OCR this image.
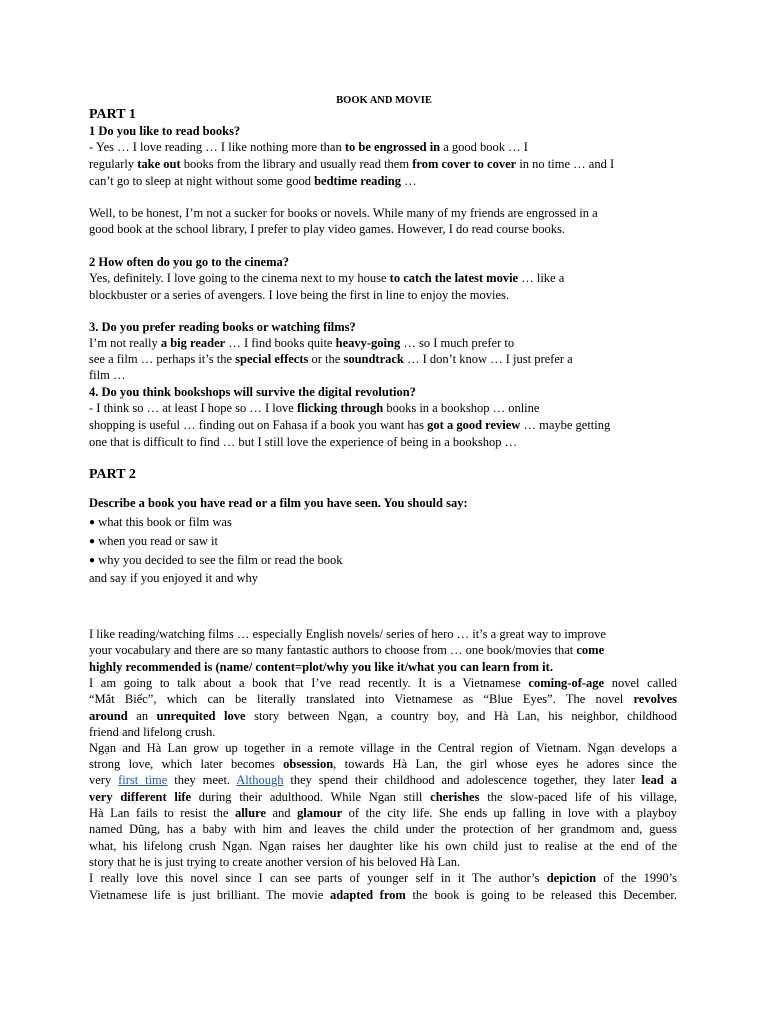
BOOK AND MOVIE
PART 1

1 Do you like to read books?

- Yes … I love reading … I like nothing more than to be engrossed in a good book … I

regularly take out books from the library and usually read them from cover to cover in no time … and I

can’t go to sleep at night without some good bedtime reading …

Well, to be honest, I’m not a sucker for books or novels. While many of my friends are engrossed in a

good book at the school library, I prefer to play video games. However, I do read course books.

2 How often do you go to the cinema?

Yes, definitely. I love going to the cinema next to my house to catch the latest movie … like a

blockbuster or a series of avengers. I love being the first in line to enjoy the movies.

3. Do you prefer reading books or watching films?

I’m not really a big reader … I find books quite heavy-going … so I much prefer to

see a film … perhaps it’s the special effects or the soundtrack … I don’t know … I just prefer a

film …

4. Do you think bookshops will survive the digital revolution?

- I think so … at least I hope so … I love flicking through books in a bookshop … online

shopping is useful … finding out on Fahasa if a book you want has got a good review … maybe getting

one that is difficult to find … but I still love the experience of being in a bookshop …

PART 2

Describe a book you have read or a film you have seen. You should say:

● what this book or film was

● when you read or saw it

● why you decided to see the film or read the book

and say if you enjoyed it and why

I like reading/watching films … especially English novels/ series of hero … it’s a great way to improve

your vocabulary and there are so many fantastic authors to choose from … one book/movies that come

highly recommended is (name/ content=plot/why you like it/what you can learn from it.

I am going to talk about a book that I’ve read recently. It is a Vietnamese coming-of-age novel called

“Mắt Biếc”, which can be literally translated into Vietnamese as “Blue Eyes”. The novel revolves

around an unrequited love story between Ngạn, a country boy, and Hà Lan, his neighbor, childhood

friend and lifelong crush.

Ngạn and Hà Lan grow up together in a remote village in the Central region of Vietnam. Ngạn develops a

strong love, which later becomes obsession, towards Hà Lan, the girl whose eyes he adores since the

very first time they meet. Although they spend their childhood and adolescence together, they later lead a

very different life during their adulthood. While Ngan still cherishes the slow-paced life of his village,

Hà Lan fails to resist the allure and glamour of the city life. She ends up falling in love with a playboy

named Dũng, has a baby with him and leaves the child under the protection of her grandmom and, guess

what, his lifelong crush Ngạn. Ngạn raises her daughter like his own child just to realise at the end of the

story that he is just trying to create another version of his beloved Hà Lan.

I really love this novel since I can see parts of younger self in it The author’s depiction of the 1990’s

Vietnamese life is just brilliant. The movie adapted from the book is going to be released this December.
